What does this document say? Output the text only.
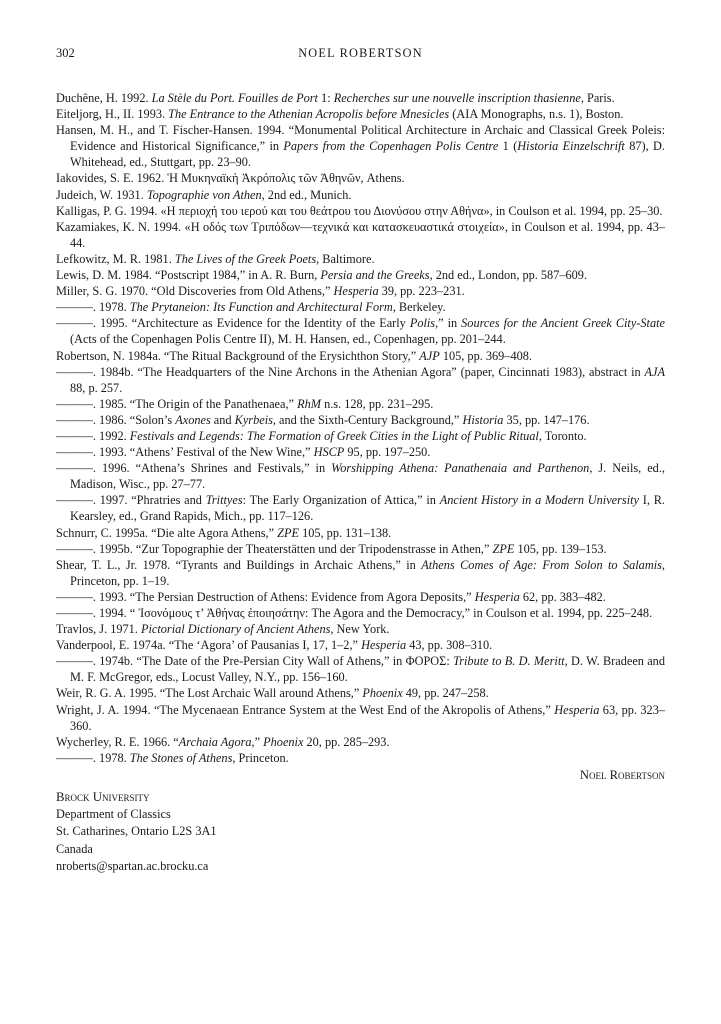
302	NOEL ROBERTSON

Duchêne, H. 1992. La Stèle du Port. Fouilles de Port 1: Recherches sur une nouvelle inscription thasienne, Paris.

Eiteljorg, H., II. 1993. The Entrance to the Athenian Acropolis before Mnesicles (AIA Monographs, n.s. 1), Boston.

Hansen, M. H., and T. Fischer-Hansen. 1994. “Monumental Political Architecture in Archaic and Classical Greek Poleis: Evidence and Historical Significance,” in Papers from the Copenhagen Polis Centre 1 (Historia Einzelschrift 87), D. Whitehead, ed., Stuttgart, pp. 23–90.

Iakovides, S. E. 1962. Ἡ Μυκηναϊκὴ Ἀκρόπολις τῶν Ἀθηνῶν, Athens.

Judeich, W. 1931. Topographie von Athen, 2nd ed., Munich.

Kalligas, P. G. 1994. «Η περιοχή του ιερού και του θεάτρου του Διονύσου στην Αθήνα», in Coulson et al. 1994, pp. 25–30.

Kazamiakes, K. N. 1994. «Η οδός των Τριπόδων—τεχνικά και κατασκευαστικά στοιχεία», in Coulson et al. 1994, pp. 43–44.

Lefkowitz, M. R. 1981. The Lives of the Greek Poets, Baltimore.

Lewis, D. M. 1984. “Postscript 1984,” in A. R. Burn, Persia and the Greeks, 2nd ed., London, pp. 587–609.

Miller, S. G. 1970. “Old Discoveries from Old Athens,” Hesperia 39, pp. 223–231.

———. 1978. The Prytaneion: Its Function and Architectural Form, Berkeley.

———. 1995. “Architecture as Evidence for the Identity of the Early Polis,” in Sources for the Ancient Greek City-State (Acts of the Copenhagen Polis Centre II), M. H. Hansen, ed., Copenhagen, pp. 201–244.

Robertson, N. 1984a. “The Ritual Background of the Erysichthon Story,” AJP 105, pp. 369–408.

———. 1984b. “The Headquarters of the Nine Archons in the Athenian Agora” (paper, Cincinnati 1983), abstract in AJA 88, p. 257.

———. 1985. “The Origin of the Panathenaea,” RhM n.s. 128, pp. 231–295.

———. 1986. “Solon’s Axones and Kyrbeis, and the Sixth-Century Background,” Historia 35, pp. 147–176.

———. 1992. Festivals and Legends: The Formation of Greek Cities in the Light of Public Ritual, Toronto.

———. 1993. “Athens’ Festival of the New Wine,” HSCP 95, pp. 197–250.

———. 1996. “Athena’s Shrines and Festivals,” in Worshipping Athena: Panathenaia and Parthenon, J. Neils, ed., Madison, Wisc., pp. 27–77.

———. 1997. “Phratries and Trittyes: The Early Organization of Attica,” in Ancient History in a Modern University I, R. Kearsley, ed., Grand Rapids, Mich., pp. 117–126.

Schnurr, C. 1995a. “Die alte Agora Athens,” ZPE 105, pp. 131–138.

———. 1995b. “Zur Topographie der Theaterstätten und der Tripodenstrasse in Athen,” ZPE 105, pp. 139–153.

Shear, T. L., Jr. 1978. “Tyrants and Buildings in Archaic Athens,” in Athens Comes of Age: From Solon to Salamis, Princeton, pp. 1–19.

———. 1993. “The Persian Destruction of Athens: Evidence from Agora Deposits,” Hesperia 62, pp. 383–482.

———. 1994. “ Ἰσονόμους τ’ Ἀθήνας ἐποιησάτην: The Agora and the Democracy,” in Coulson et al. 1994, pp. 225–248.

Travlos, J. 1971. Pictorial Dictionary of Ancient Athens, New York.

Vanderpool, E. 1974a. “The ‘Agora’ of Pausanias I, 17, 1–2,” Hesperia 43, pp. 308–310.

———. 1974b. “The Date of the Pre-Persian City Wall of Athens,” in ΦΟΡΟΣ: Tribute to B. D. Meritt, D. W. Bradeen and M. F. McGregor, eds., Locust Valley, N.Y., pp. 156–160.

Weir, R. G. A. 1995. “The Lost Archaic Wall around Athens,” Phoenix 49, pp. 247–258.

Wright, J. A. 1994. “The Mycenaean Entrance System at the West End of the Akropolis of Athens,” Hesperia 63, pp. 323–360.

Wycherley, R. E. 1966. “Archaia Agora,” Phoenix 20, pp. 285–293.

———. 1978. The Stones of Athens, Princeton.

Noel Robertson
Brock University
Department of Classics
St. Catharines, Ontario L2S 3A1
Canada
nroberts@spartan.ac.brocku.ca
